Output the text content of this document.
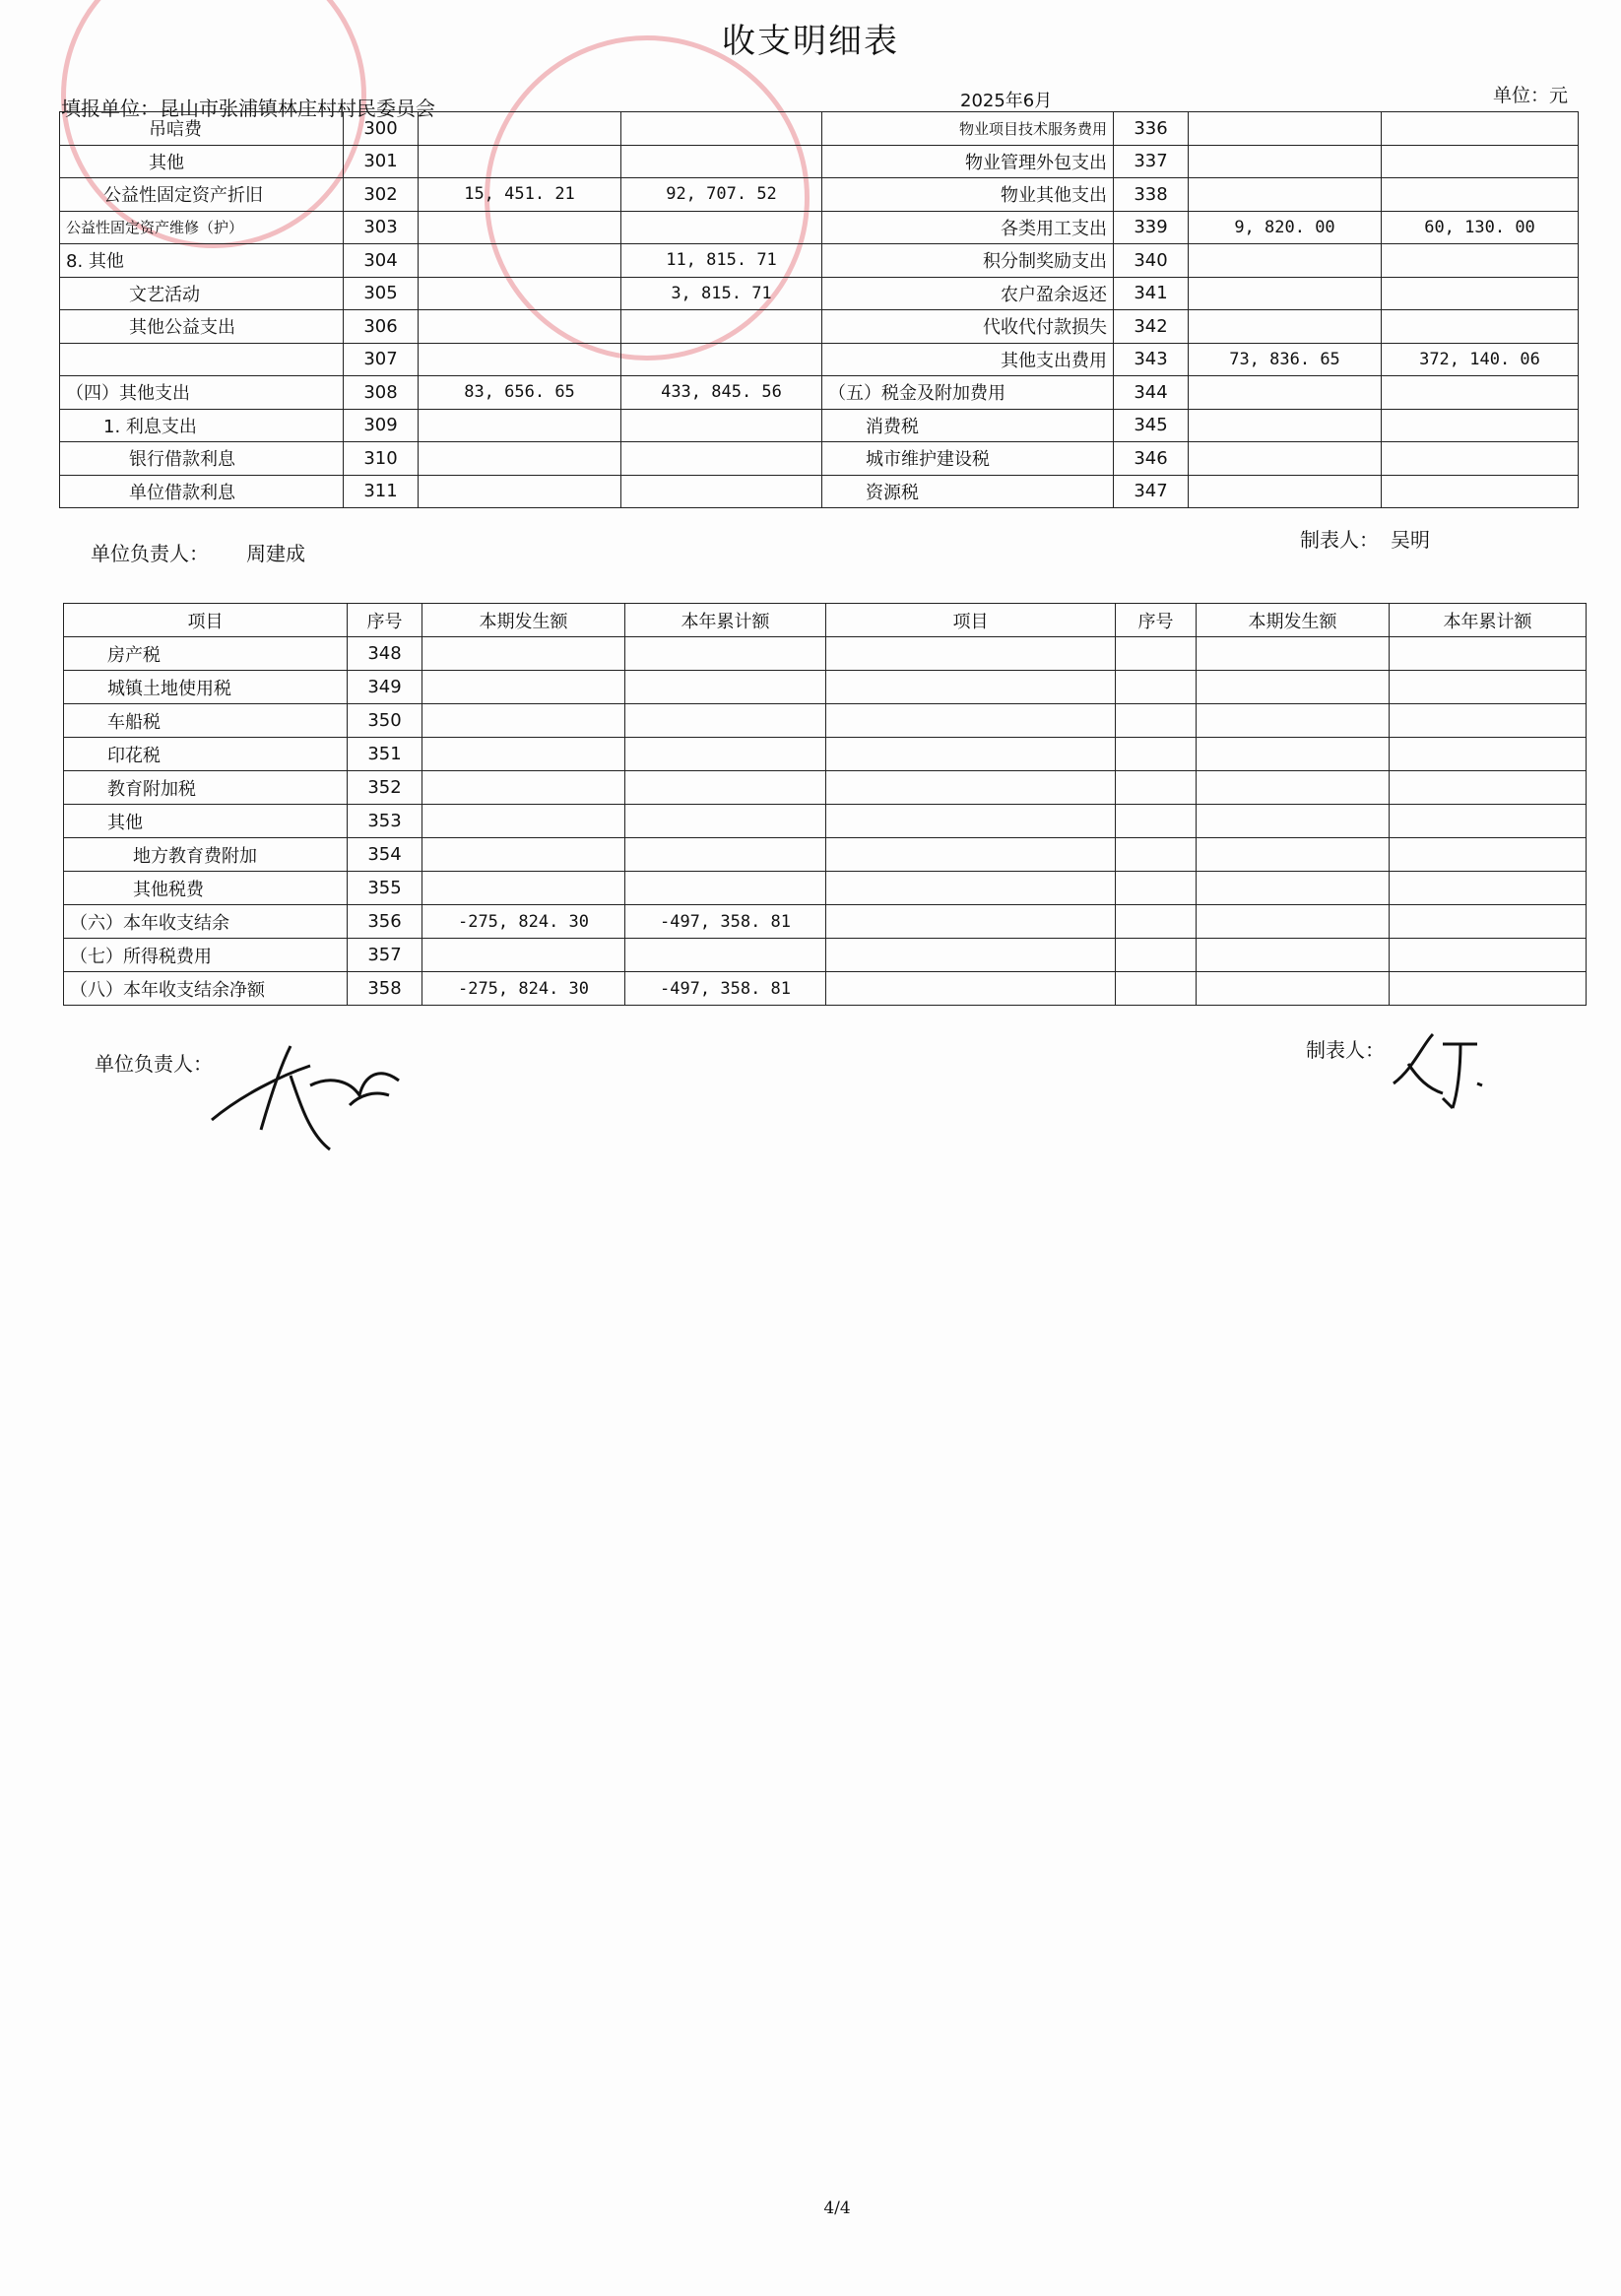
收支明细表
填报单位：昆山市张浦镇林庄村村民委员会	2025年6月	单位：元
吊唁费	300			物业项目技术服务费用	336		
其他	301			物业管理外包支出	337		
公益性固定资产折旧	302	15, 451. 21	92, 707. 52	物业其他支出	338		
公益性固定资产维修（护）	303			各类用工支出	339	9, 820. 00	60, 130. 00
8. 其他	304		11, 815. 71	积分制奖励支出	340		
文艺活动	305		3, 815. 71	农户盈余返还	341		
其他公益支出	306			代收代付款损失	342		
	307			其他支出费用	343	73, 836. 65	372, 140. 06
（四）其他支出	308	83, 656. 65	433, 845. 56	（五）税金及附加费用	344		
1. 利息支出	309			消费税	345		
银行借款利息	310			城市维护建设税	346		
单位借款利息	311			资源税	347		
单位负责人： 周建成
制表人： 吴明
项目	序号	本期发生额	本年累计额	项目	序号	本期发生额	本年累计额
房产税	348						
城镇土地使用税	349						
车船税	350						
印花税	351						
教育附加税	352						
其他	353						
地方教育费附加	354						
其他税费	355						
（六）本年收支结余	356	-275, 824. 30	-497, 358. 81				
（七）所得税费用	357						
（八）本年收支结余净额	358	-275, 824. 30	-497, 358. 81				
单位负责人：
制表人：
4/4
